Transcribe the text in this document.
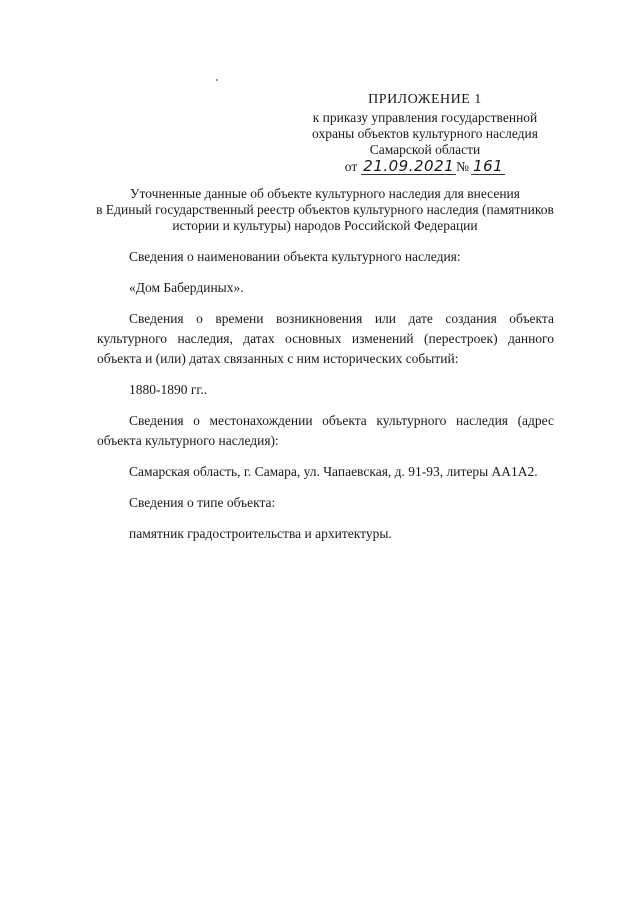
ПРИЛОЖЕНИЕ 1
к приказу управления государственной
охраны объектов культурного наследия
Самарской области
от 21.09.2021 № 161
Уточненные данные об объекте культурного наследия для внесения
в Единый государственный реестр объектов культурного наследия (памятников
истории и культуры) народов Российской Федерации

Сведения о наименовании объекта культурного наследия:

«Дом Бабердиных».

Сведения о времени возникновения или дате создания объекта культурного наследия, датах основных изменений (перестроек) данного объекта и (или) датах связанных с ним исторических событий:

1880-1890 гг..

Сведения о местонахождении объекта культурного наследия (адрес объекта культурного наследия):

Самарская область, г. Самара, ул. Чапаевская, д. 91-93, литеры АА1А2.

Сведения о типе объекта:

памятник градостроительства и архитектуры.
